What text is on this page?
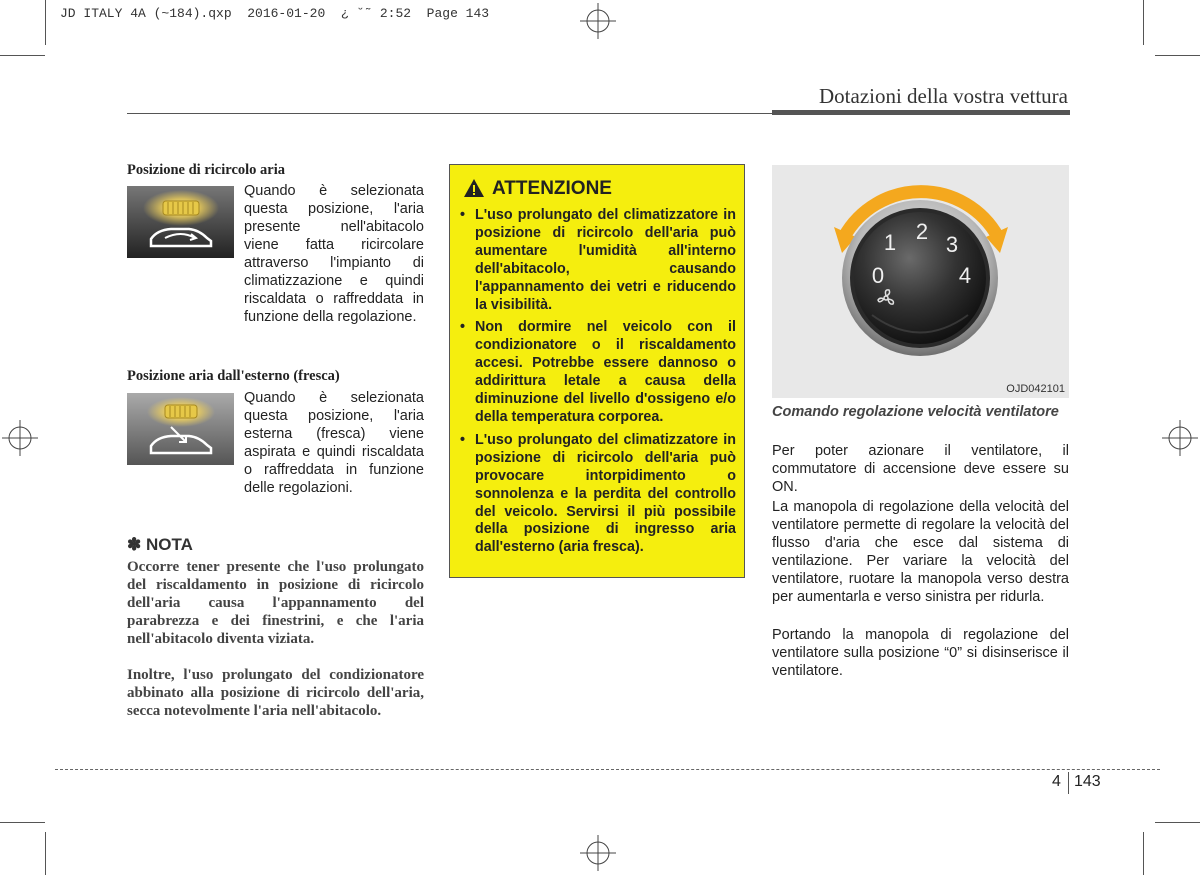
JD ITALY 4A (~184).qxp  2016-01-20  ¿ ˘˜ 2:52  Page 143
Dotazioni della vostra vettura
Posizione di ricircolo aria
Quando è selezionata questa posizione, l'aria presente nell'abitacolo viene fatta ricircolare attraverso l'impianto di climatizzazione e quindi riscaldata o raffreddata in funzione della regolazione.
Posizione aria dall'esterno (fresca)
Quando è selezionata questa posizione, l'aria esterna (fresca) viene aspirata e quindi riscaldata o raffreddata in funzione delle regolazioni.
✽ NOTA
Occorre tener presente che l'uso prolungato del riscaldamento in posizione di ricircolo dell'aria causa l'appannamento del parabrezza e dei finestrini, e che l'aria nell'abitacolo diventa viziata.
Inoltre, l'uso prolungato del condizionatore abbinato alla posizione di ricircolo dell'aria, secca notevolmente l'aria nell'abitacolo.
ATTENZIONE
• L'uso prolungato del climatizzatore in posizione di ricircolo dell'aria può aumentare l'umidità all'interno dell'abitacolo, causando l'appannamento dei vetri e riducendo la visibilità.
• Non dormire nel veicolo con il condizionatore o il riscaldamento accesi. Potrebbe essere dannoso o addirittura letale a causa della diminuzione del livello d'ossigeno e/o della temperatura corporea.
• L'uso prolungato del climatizzatore in posizione di ricircolo dell'aria può provocare intorpidimento o sonnolenza e la perdita del controllo del veicolo. Servirsi il più possibile della posizione di ingresso aria dall'esterno (aria fresca).
0
1 2
3
4
OJD042101
Comando regolazione velocità ventilatore
Per poter azionare il ventilatore, il commutatore di accensione deve essere su ON.
La manopola di regolazione della velocità del ventilatore permette di regolare la velocità del flusso d'aria che esce dal sistema di ventilazione. Per variare la velocità del ventilatore, ruotare la manopola verso destra per aumentarla e verso sinistra per ridurla.
Portando la manopola di regolazione del ventilatore sulla posizione “0” si disinserisce il ventilatore.
4 143
